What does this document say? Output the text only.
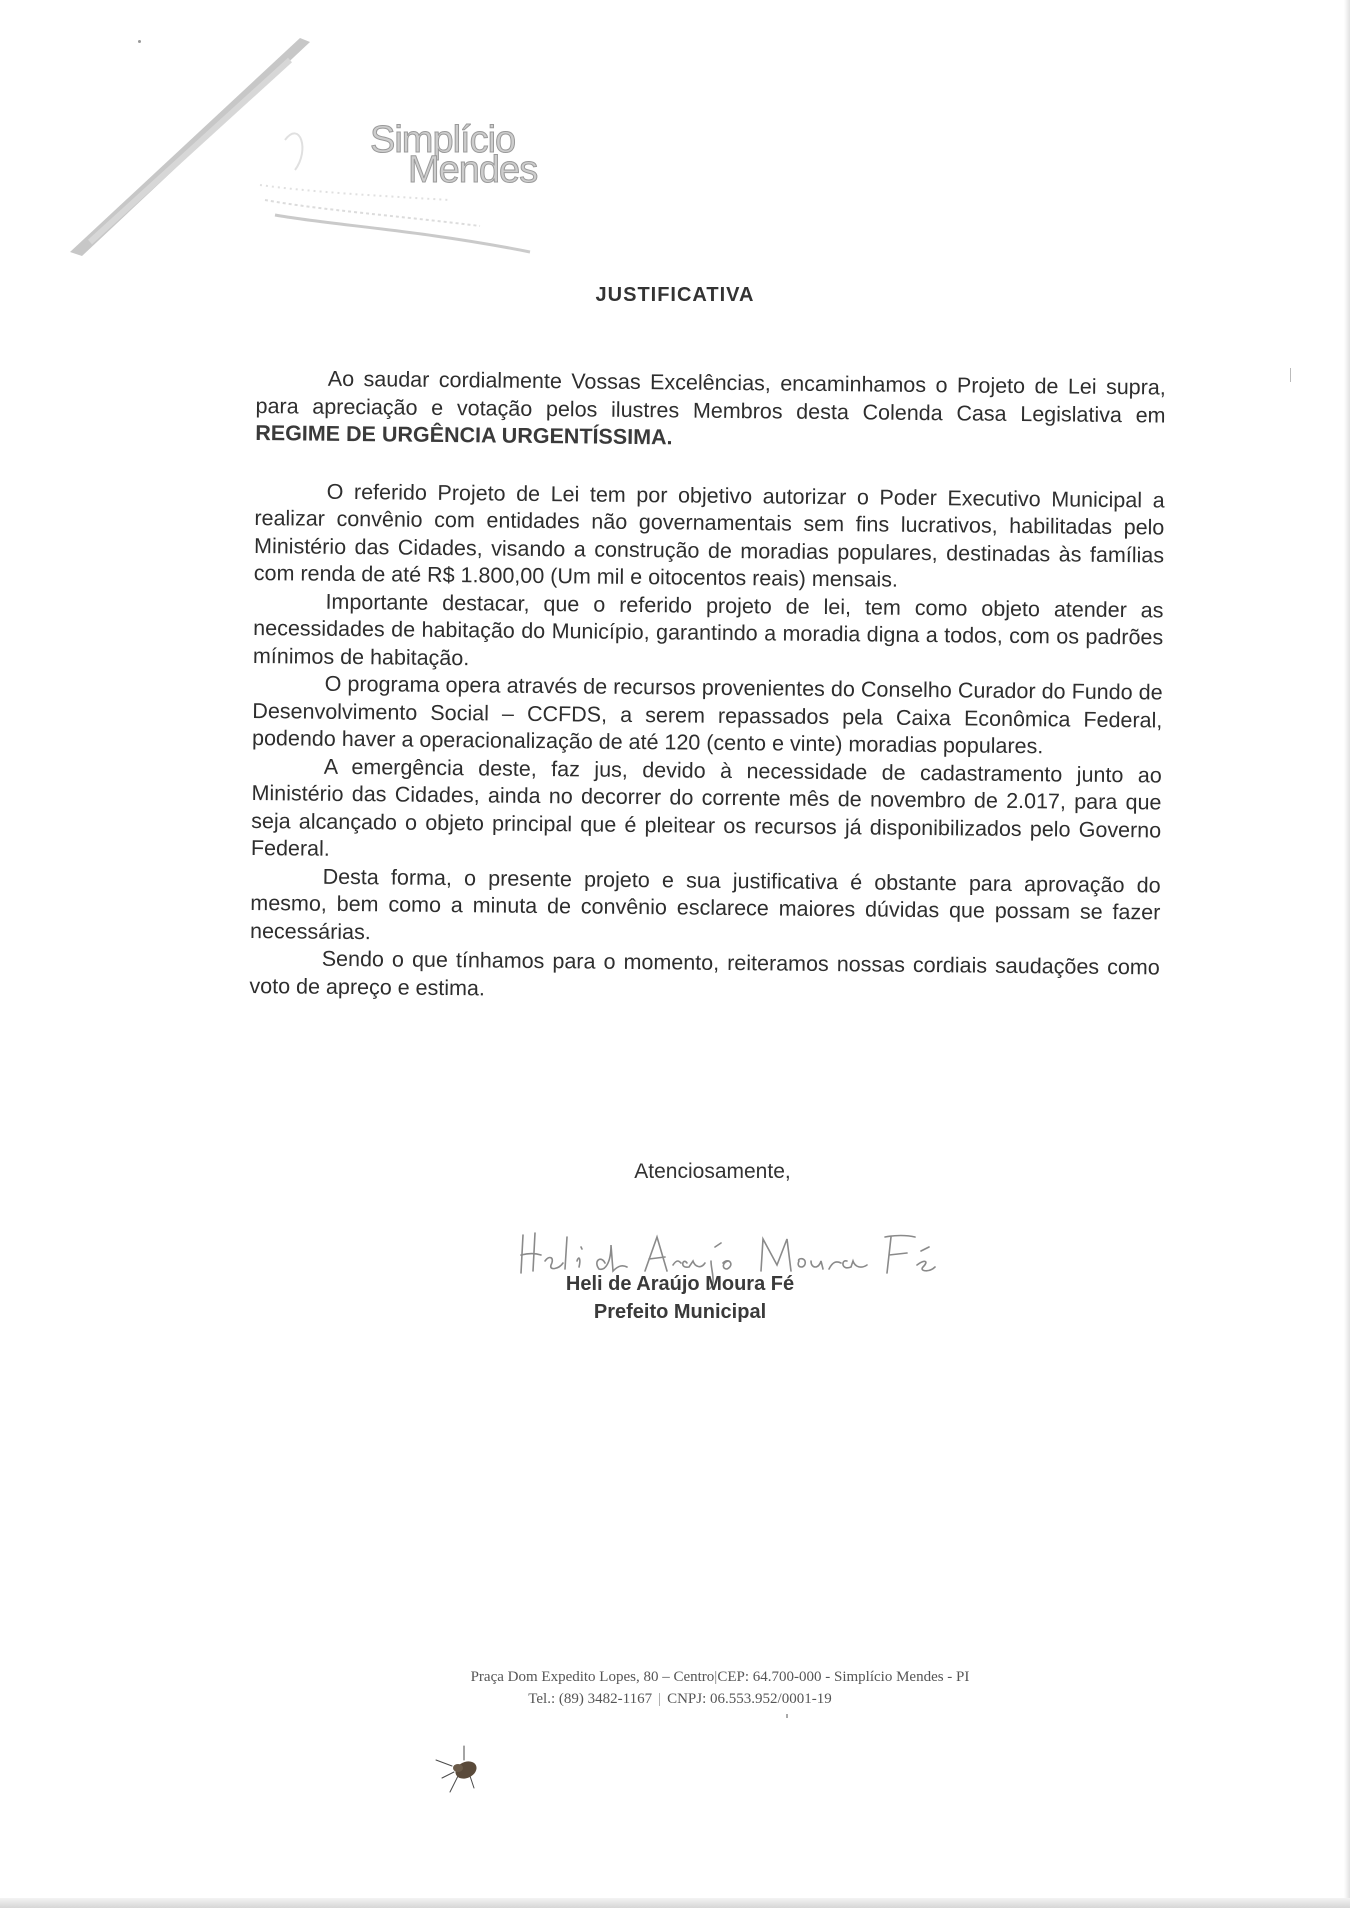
Simplício
Mendes
JUSTIFICATIVA

Ao saudar cordialmente Vossas Excelências, encaminhamos o Projeto de Lei supra, para apreciação e votação pelos ilustres Membros desta Colenda Casa Legislativa em REGIME DE URGÊNCIA URGENTÍSSIMA.

O referido Projeto de Lei tem por objetivo autorizar o Poder Executivo Municipal a realizar convênio com entidades não governamentais sem fins lucrativos, habilitadas pelo Ministério das Cidades, visando a construção de moradias populares, destinadas às famílias com renda de até R$ 1.800,00 (Um mil e oitocentos reais) mensais.

Importante destacar, que o referido projeto de lei, tem como objeto atender as necessidades de habitação do Município, garantindo a moradia digna a todos, com os padrões mínimos de habitação.

O programa opera através de recursos provenientes do Conselho Curador do Fundo de Desenvolvimento Social – CCFDS, a serem repassados pela Caixa Econômica Federal, podendo haver a operacionalização de até 120 (cento e vinte) moradias populares.

A emergência deste, faz jus, devido à necessidade de cadastramento junto ao Ministério das Cidades, ainda no decorrer do corrente mês de novembro de 2.017, para que seja alcançado o objeto principal que é pleitear os recursos já disponibilizados pelo Governo Federal.

Desta forma, o presente projeto e sua justificativa é obstante para aprovação do mesmo, bem como a minuta de convênio esclarece maiores dúvidas que possam se fazer necessárias.

Sendo o que tínhamos para o momento, reiteramos nossas cordiais saudações como voto de apreço e estima.

Atenciosamente,
Heli de Araújo Moura Fé
Prefeito Municipal
Praça Dom Expedito Lopes, 80 – Centro|CEP: 64.700-000 - Simplício Mendes - PI
Tel.: (89) 3482-1167 | CNPJ: 06.553.952/0001-19
